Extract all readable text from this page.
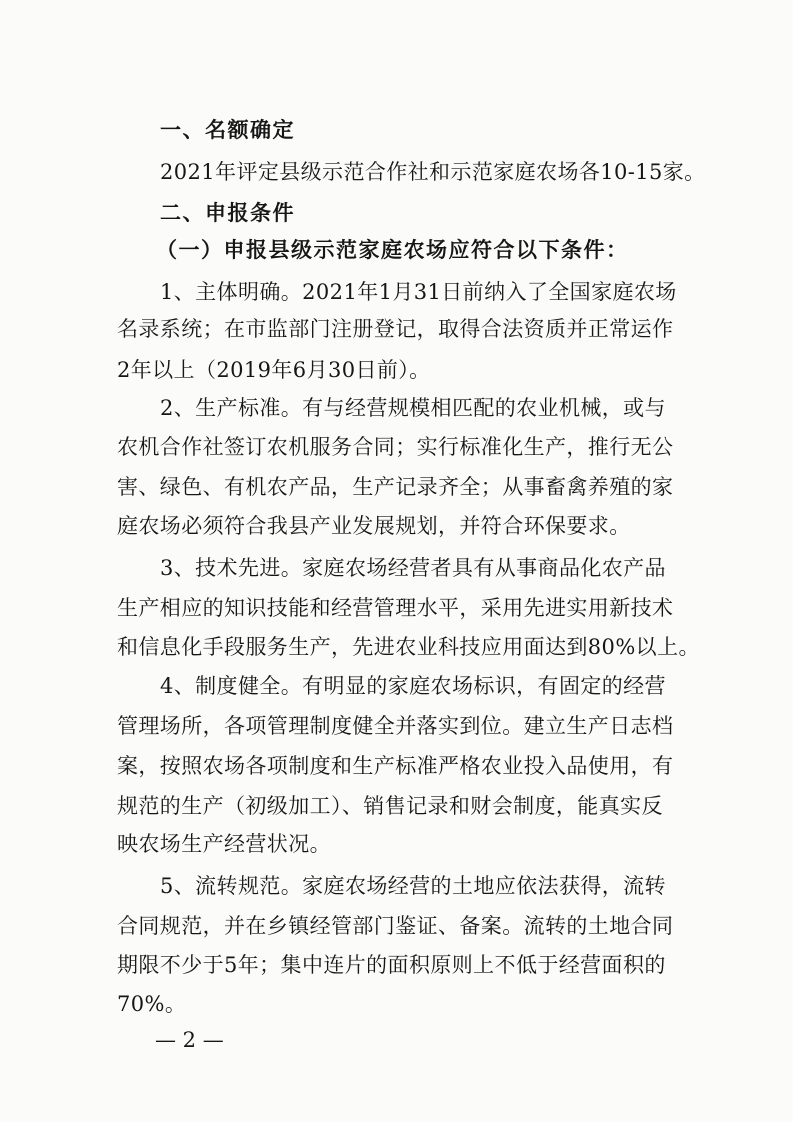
一、名额确定
2021年评定县级示范合作社和示范家庭农场各10-15家。
二、申报条件
（一）申报县级示范家庭农场应符合以下条件：
1、主体明确。2021年1月31日前纳入了全国家庭农场
名录系统；在市监部门注册登记，取得合法资质并正常运作
2年以上（2019年6月30日前）。
2、生产标准。有与经营规模相匹配的农业机械，或与
农机合作社签订农机服务合同；实行标准化生产，推行无公
害、绿色、有机农产品，生产记录齐全；从事畜禽养殖的家
庭农场必须符合我县产业发展规划，并符合环保要求。
3、技术先进。家庭农场经营者具有从事商品化农产品
生产相应的知识技能和经营管理水平，采用先进实用新技术
和信息化手段服务生产，先进农业科技应用面达到80%以上。
4、制度健全。有明显的家庭农场标识，有固定的经营
管理场所，各项管理制度健全并落实到位。建立生产日志档
案，按照农场各项制度和生产标准严格农业投入品使用，有
规范的生产（初级加工）、销售记录和财会制度，能真实反
映农场生产经营状况。
5、流转规范。家庭农场经营的土地应依法获得，流转
合同规范，并在乡镇经管部门鉴证、备案。流转的土地合同
期限不少于5年；集中连片的面积原则上不低于经营面积的
70%。
— 2 —
